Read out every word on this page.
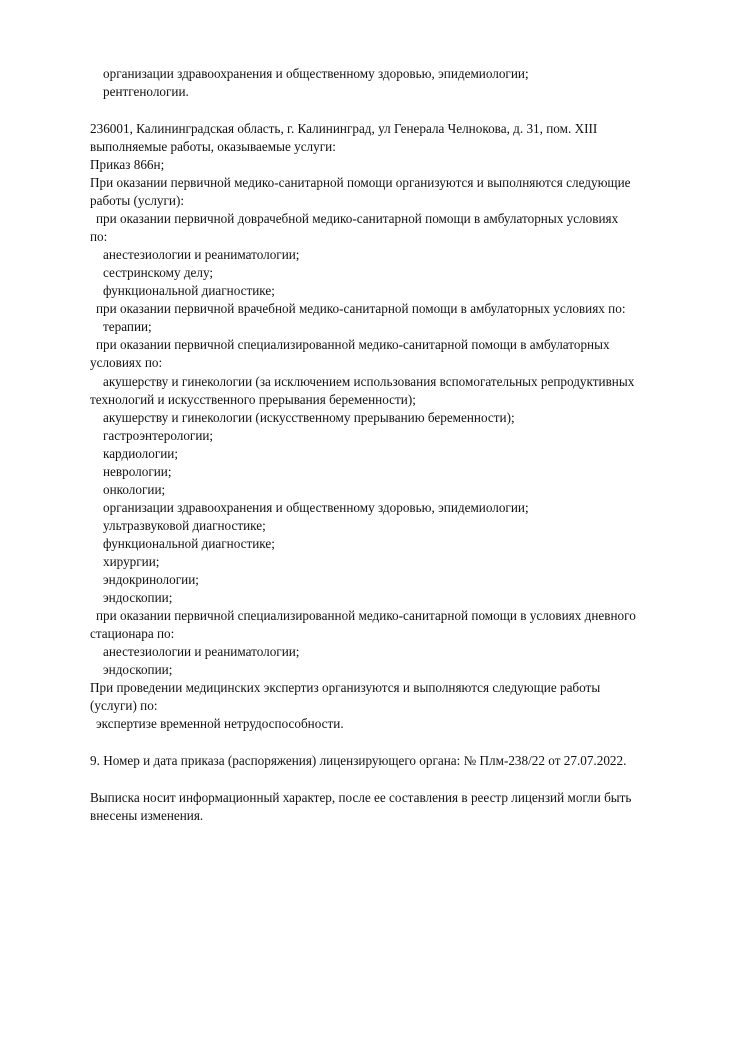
организации здравоохранения и общественному здоровью, эпидемиологии;
рентгенологии.
236001, Калининградская область, г. Калининград, ул Генерала Челнокова, д. 31, пом. XIII
выполняемые работы, оказываемые услуги:
Приказ 866н;
При оказании первичной медико-санитарной помощи организуются и выполняются следующие
работы (услуги):
при оказании первичной доврачебной медико-санитарной помощи в амбулаторных условиях
по:
анестезиологии и реаниматологии;
сестринскому делу;
функциональной диагностике;
при оказании первичной врачебной медико-санитарной помощи в амбулаторных условиях по:
терапии;
при оказании первичной специализированной медико-санитарной помощи в амбулаторных
условиях по:
акушерству и гинекологии (за исключением использования вспомогательных репродуктивных
технологий и искусственного прерывания беременности);
акушерству и гинекологии (искусственному прерыванию беременности);
гастроэнтерологии;
кардиологии;
неврологии;
онкологии;
организации здравоохранения и общественному здоровью, эпидемиологии;
ультразвуковой диагностике;
функциональной диагностике;
хирургии;
эндокринологии;
эндоскопии;
при оказании первичной специализированной медико-санитарной помощи в условиях дневного
стационара по:
анестезиологии и реаниматологии;
эндоскопии;
При проведении медицинских экспертиз организуются и выполняются следующие работы
(услуги) по:
экспертизе временной нетрудоспособности.
9. Номер и дата приказа (распоряжения) лицензирующего органа: № Плм-238/22 от 27.07.2022.
Выписка носит информационный характер, после ее составления в реестр лицензий могли быть
внесены изменения.
